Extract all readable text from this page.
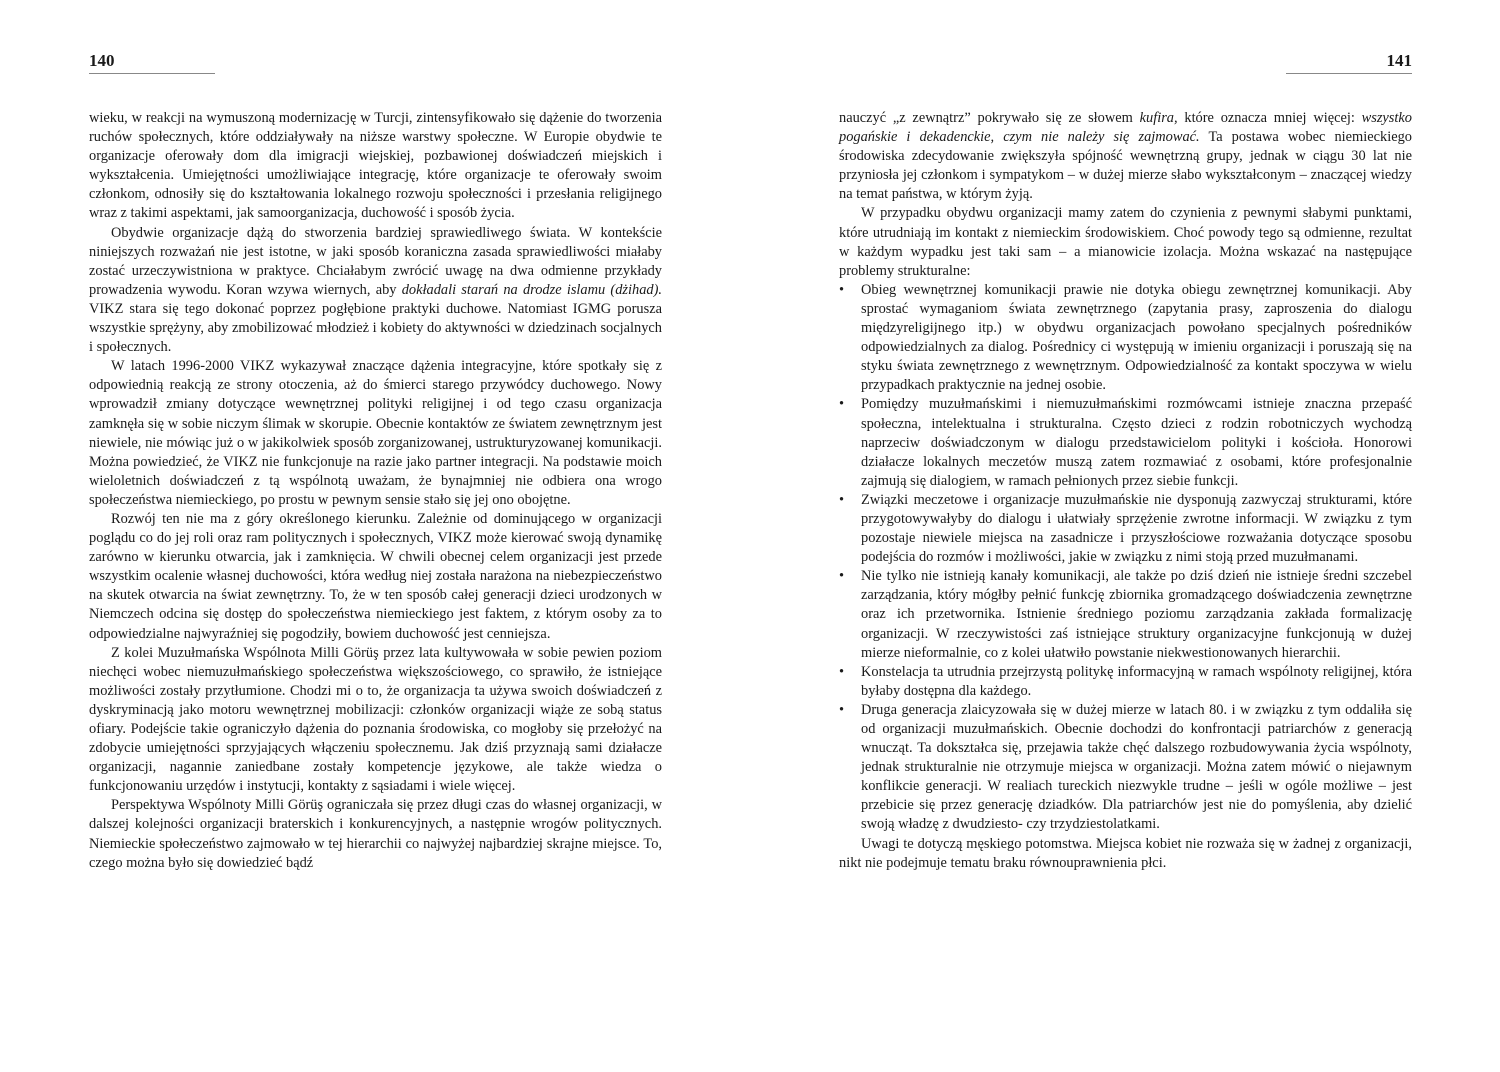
140

wieku, w reakcji na wymuszoną modernizację w Turcji, zintensyfikowało się dążenie do tworzenia ruchów społecznych, które oddziaływały na niższe warstwy społeczne. W Europie obydwie te organizacje oferowały dom dla imigracji wiejskiej, pozbawionej doświadczeń miejskich i wykształcenia. Umiejętności umożliwiające integrację, które organizacje te oferowały swoim członkom, odnosiły się do kształtowania lokalnego rozwoju społeczności i przesłania religijnego wraz z takimi aspektami, jak samoorganizacja, duchowość i sposób życia.

Obydwie organizacje dążą do stworzenia bardziej sprawiedliwego świata. W kontekście niniejszych rozważań nie jest istotne, w jaki sposób koraniczna zasada sprawiedliwości miałaby zostać urzeczywistniona w praktyce. Chciałabym zwrócić uwagę na dwa odmienne przykłady prowadzenia wywodu. Koran wzywa wiernych, aby dokładali starań na drodze islamu (dżihad). VIKZ stara się tego dokonać poprzez pogłębione praktyki duchowe. Natomiast IGMG porusza wszystkie sprężyny, aby zmobilizować młodzież i kobiety do aktywności w dziedzinach socjalnych i społecznych.

W latach 1996-2000 VIKZ wykazywał znaczące dążenia integracyjne, które spotkały się z odpowiednią reakcją ze strony otoczenia, aż do śmierci starego przywódcy duchowego. Nowy wprowadził zmiany dotyczące wewnętrznej polityki religijnej i od tego czasu organizacja zamknęła się w sobie niczym ślimak w skorupie. Obecnie kontaktów ze światem zewnętrznym jest niewiele, nie mówiąc już o w jakikolwiek sposób zorganizowanej, ustrukturyzowanej komunikacji. Można powiedzieć, że VIKZ nie funkcjonuje na razie jako partner integracji. Na podstawie moich wieloletnich doświadczeń z tą wspólnotą uważam, że bynajmniej nie odbiera ona wrogo społeczeństwa niemieckiego, po prostu w pewnym sensie stało się jej ono obojętne.

Rozwój ten nie ma z góry określonego kierunku. Zależnie od dominującego w organizacji poglądu co do jej roli oraz ram politycznych i społecznych, VIKZ może kierować swoją dynamikę zarówno w kierunku otwarcia, jak i zamknięcia. W chwili obecnej celem organizacji jest przede wszystkim ocalenie własnej duchowości, która według niej została narażona na niebezpieczeństwo na skutek otwarcia na świat zewnętrzny. To, że w ten sposób całej generacji dzieci urodzonych w Niemczech odcina się dostęp do społeczeństwa niemieckiego jest faktem, z którym osoby za to odpowiedzialne najwyraźniej się pogodziły, bowiem duchowość jest cenniejsza.

Z kolei Muzułmańska Wspólnota Milli Görüş przez lata kultywowała w sobie pewien poziom niechęci wobec niemuzułmańskiego społeczeństwa większościowego, co sprawiło, że istniejące możliwości zostały przytłumione. Chodzi mi o to, że organizacja ta używa swoich doświadczeń z dyskryminacją jako motoru wewnętrznej mobilizacji: członków organizacji wiąże ze sobą status ofiary. Podejście takie ograniczyło dążenia do poznania środowiska, co mogłoby się przełożyć na zdobycie umiejętności sprzyjających włączeniu społecznemu. Jak dziś przyznają sami działacze organizacji, nagannie zaniedbane zostały kompetencje językowe, ale także wiedza o funkcjonowaniu urzędów i instytucji, kontakty z sąsiadami i wiele więcej.

Perspektywa Wspólnoty Milli Görüş ograniczała się przez długi czas do własnej organizacji, w dalszej kolejności organizacji braterskich i konkurencyjnych, a następnie wrogów politycznych. Niemieckie społeczeństwo zajmowało w tej hierarchii co najwyżej najbardziej skrajne miejsce. To, czego można było się dowiedzieć bądź

141

nauczyć „z zewnątrz” pokrywało się ze słowem kufira, które oznacza mniej więcej: wszystko pogańskie i dekadenckie, czym nie należy się zajmować. Ta postawa wobec niemieckiego środowiska zdecydowanie zwiększyła spójność wewnętrzną grupy, jednak w ciągu 30 lat nie przyniosła jej członkom i sympatykom – w dużej mierze słabo wykształconym – znaczącej wiedzy na temat państwa, w którym żyją.

W przypadku obydwu organizacji mamy zatem do czynienia z pewnymi słabymi punktami, które utrudniają im kontakt z niemieckim środowiskiem. Choć powody tego są odmienne, rezultat w każdym wypadku jest taki sam – a mianowicie izolacja. Można wskazać na następujące problemy strukturalne:

• Obieg wewnętrznej komunikacji prawie nie dotyka obiegu zewnętrznej komunikacji. Aby sprostać wymaganiom świata zewnętrznego (zapytania prasy, zaproszenia do dialogu międzyreligijnego itp.) w obydwu organizacjach powołano specjalnych pośredników odpowiedzialnych za dialog. Pośrednicy ci występują w imieniu organizacji i poruszają się na styku świata zewnętrznego z wewnętrznym. Odpowiedzialność za kontakt spoczywa w wielu przypadkach praktycznie na jednej osobie.
• Pomiędzy muzułmańskimi i niemuzułmańskimi rozmówcami istnieje znaczna przepaść społeczna, intelektualna i strukturalna. Często dzieci z rodzin robotniczych wychodzą naprzeciw doświadczonym w dialogu przedstawicielom polityki i kościoła. Honorowi działacze lokalnych meczetów muszą zatem rozmawiać z osobami, które profesjonalnie zajmują się dialogiem, w ramach pełnionych przez siebie funkcji.
• Związki meczetowe i organizacje muzułmańskie nie dysponują zazwyczaj strukturami, które przygotowywałyby do dialogu i ułatwiały sprzężenie zwrotne informacji. W związku z tym pozostaje niewiele miejsca na zasadnicze i przyszłościowe rozważania dotyczące sposobu podejścia do rozmów i możliwości, jakie w związku z nimi stoją przed muzułmanami.
• Nie tylko nie istnieją kanały komunikacji, ale także po dziś dzień nie istnieje średni szczebel zarządzania, który mógłby pełnić funkcję zbiornika gromadzącego doświadczenia zewnętrzne oraz ich przetwornika. Istnienie średniego poziomu zarządzania zakłada formalizację organizacji. W rzeczywistości zaś istniejące struktury organizacyjne funkcjonują w dużej mierze nieformalnie, co z kolei ułatwiło powstanie niekwestionowanych hierarchii.
• Konstelacja ta utrudnia przejrzystą politykę informacyjną w ramach wspólnoty religijnej, która byłaby dostępna dla każdego.
• Druga generacja zlaicyzowała się w dużej mierze w latach 80. i w związku z tym oddaliła się od organizacji muzułmańskich. Obecnie dochodzi do konfrontacji patriarchów z generacją wnucząt. Ta dokształca się, przejawia także chęć dalszego rozbudowywania życia wspólnoty, jednak strukturalnie nie otrzymuje miejsca w organizacji. Można zatem mówić o niejawnym konflikcie generacji. W realiach tureckich niezwykle trudne – jeśli w ogóle możliwe – jest przebicie się przez generację dziadków. Dla patriarchów jest nie do pomyślenia, aby dzielić swoją władzę z dwudziesto- czy trzydziestolatkami.

Uwagi te dotyczą męskiego potomstwa. Miejsca kobiet nie rozważa się w żadnej z organizacji, nikt nie podejmuje tematu braku równouprawnienia płci.
